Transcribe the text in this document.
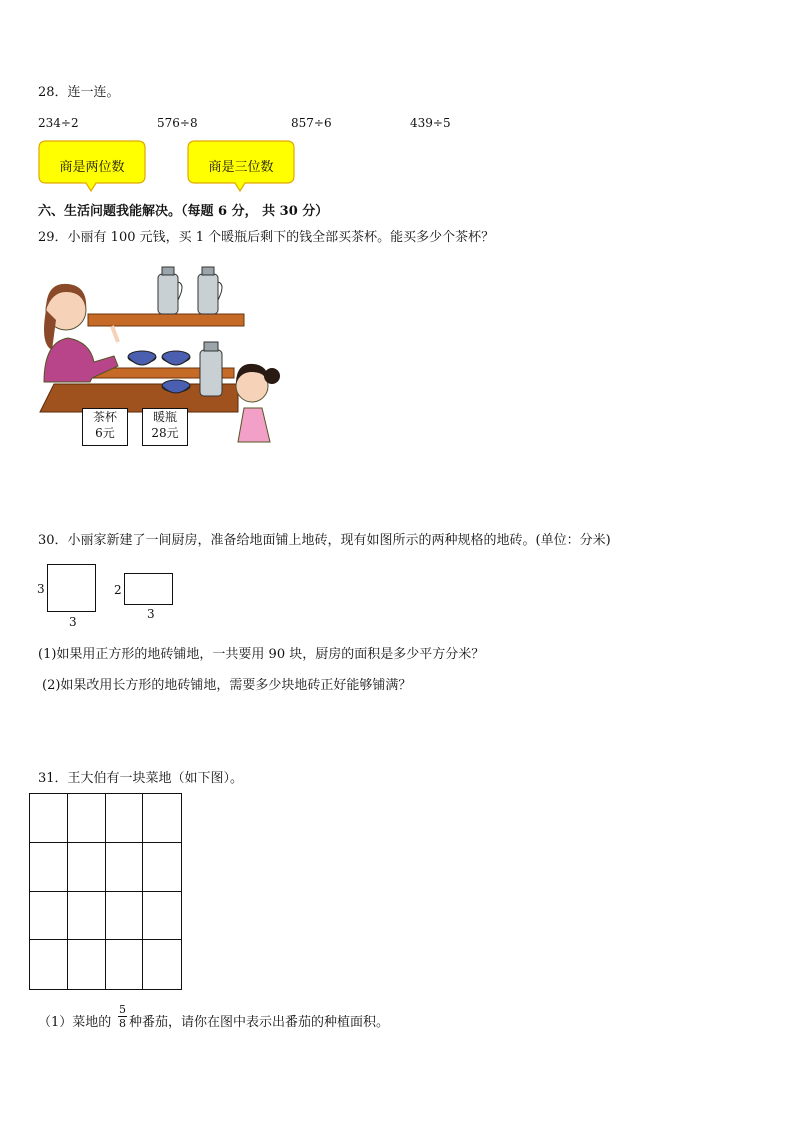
28．连一连。
234÷2	576÷8	857÷6	439÷5
商是两位数	商是三位数
六、生活问题我能解决。（每题 6 分， 共 30 分）
29．小丽有 100 元钱，买 1 个暖瓶后剩下的钱全部买茶杯。能买多少个茶杯？
茶杯
6元
暖瓶
28元
30．小丽家新建了一间厨房，准备给地面铺上地砖，现有如图所示的两种规格的地砖。(单位：分米)
3
3
2
3
(1)如果用正方形的地砖铺地，一共要用 90 块，厨房的面积是多少平方分米？
(2)如果改用长方形的地砖铺地，需要多少块地砖正好能够铺满？
31．王大伯有一块菜地（如下图）。
（1）菜地的
5
8 种番茄，请你在图中表示出番茄的种植面积。
